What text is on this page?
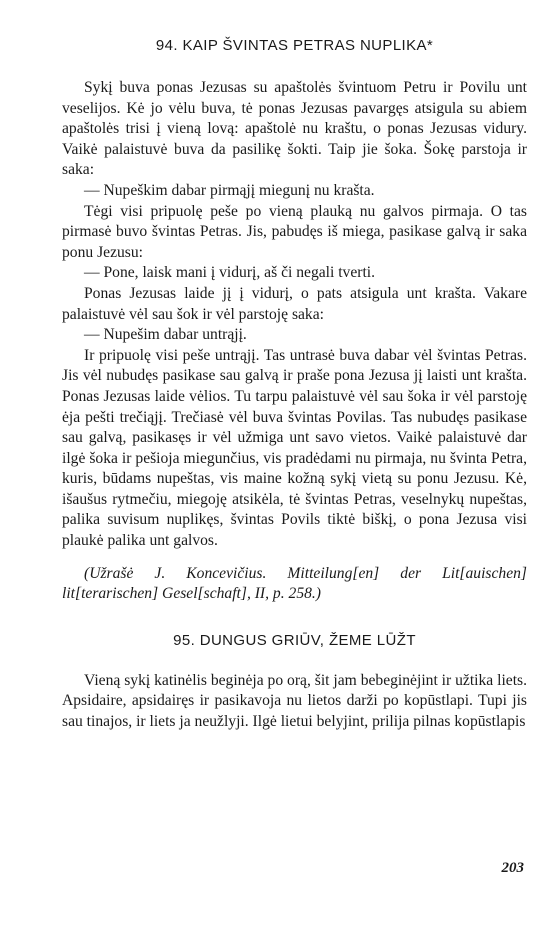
94. KAIP ŠVINTAS PETRAS NUPLIKA*

Sykį buva ponas Jezusas su apaštolės švintuom Petru ir Povilu unt veselijos. Kė jo vėlu buva, tė ponas Jezusas pavargęs atsigula su abiem apaštolės trisi į vieną lovą: apaštolė nu kraštu, o ponas Jezusas vidury. Vaikė palaistuvė buva da pasilikę šokti. Taip jie šoka. Šokę parstoja ir saka:

— Nupeškim dabar pirmąjį miegunį nu krašta.

Tėgi visi pripuolę peše po vieną plauką nu galvos pirmaja. O tas pirmasė buvo švintas Petras. Jis, pabudęs iš miega, pasikase galvą ir saka ponu Jezusu:

— Pone, laisk mani į vidurį, aš či negali tverti.

Ponas Jezusas laide jį į vidurį, o pats atsigula unt krašta. Vakare palaistuvė vėl sau šok ir vėl parstoję saka:

— Nupešim dabar untrąjį.

Ir pripuolę visi peše untrąjį. Tas untrasė buva dabar vėl švintas Petras. Jis vėl nubudęs pasikase sau galvą ir praše pona Jezusa jį laisti unt krašta. Ponas Jezusas laide vėlios. Tu tarpu palaistuvė vėl sau šoka ir vėl parstoję ėja pešti trečiąjį. Trečiasė vėl buva švintas Povilas. Tas nubudęs pasikase sau galvą, pasikasęs ir vėl užmiga unt savo vietos. Vaikė palaistuvė dar ilgė šoka ir pešioja miegunčius, vis pradėdami nu pirmaja, nu švinta Petra, kuris, būdams nupeštas, vis maine kožną sykį vietą su ponu Jezusu. Kė, išaušus rytmečiu, miegoję atsikėla, tė švintas Petras, veselnykų nupeštas, palika suvisum nuplikęs, švintas Povils tiktė biškį, o pona Jezusa visi plaukė palika unt galvos.

(Užrašė J. Koncevičius. Mitteilung[en] der Lit[auischen] lit[terarischen] Gesel[schaft], II, p. 258.)

95. DUNGUS GRIŪV, ŽEME LŪŽT

Vieną sykį katinėlis beginėja po orą, šit jam bebeginėjint ir užtika liets. Apsidaire, apsidairęs ir pasikavoja nu lietos darži po kopūstlapi. Tupi jis sau tinajos, ir liets ja neužlyji. Ilgė lietui belyjint, prilija pilnas kopūstlapis

203
